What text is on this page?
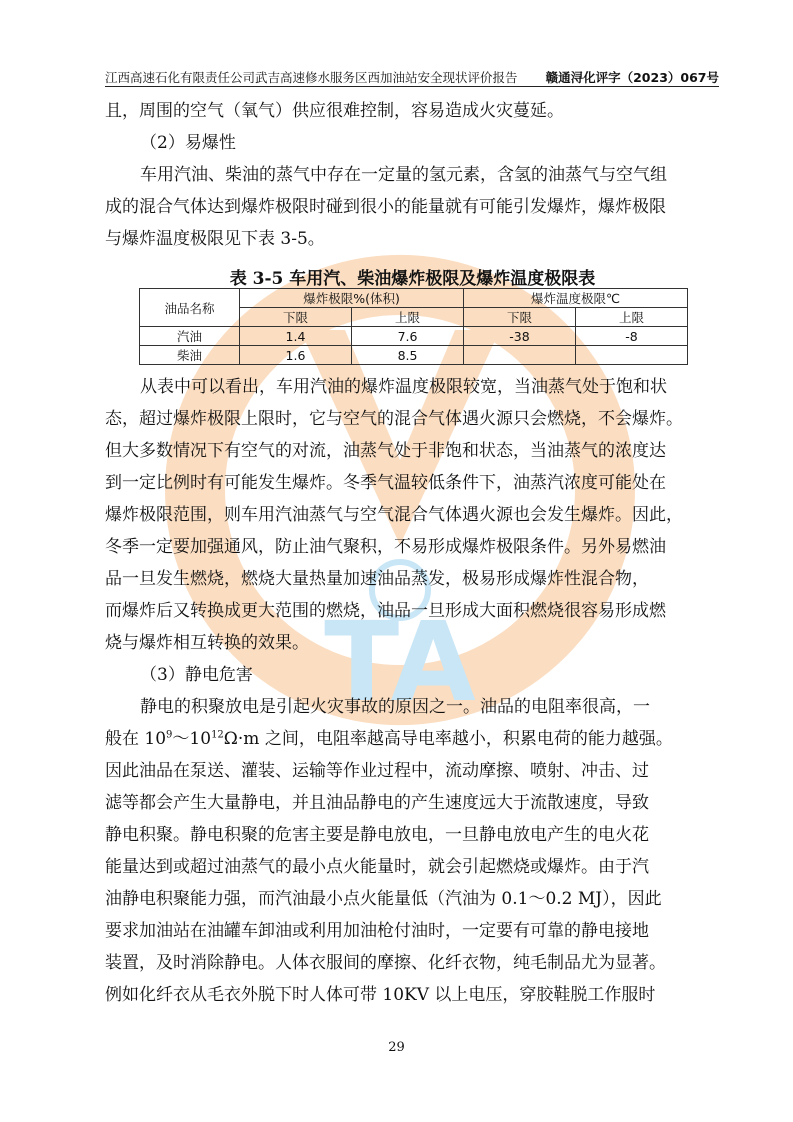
TA
江西高速石化有限责任公司武吉高速修水服务区西加油站安全现状评价报告 赣通浔化评字（2023）067号
且，周围的空气（氧气）供应很难控制，容易造成火灾蔓延。
（2）易爆性
车用汽油、柴油的蒸气中存在一定量的氢元素，含氢的油蒸气与空气组
成的混合气体达到爆炸极限时碰到很小的能量就有可能引发爆炸，爆炸极限
与爆炸温度极限见下表 3-5。
表 3-5 车用汽、柴油爆炸极限及爆炸温度极限表
油品名称	爆炸极限%(体积)		爆炸温度极限℃	
	下限	上限	下限	上限
汽油	1.4	7.6	-38	-8
柴油	1.6	8.5		
从表中可以看出，车用汽油的爆炸温度极限较宽，当油蒸气处于饱和状
态，超过爆炸极限上限时，它与空气的混合气体遇火源只会燃烧，不会爆炸。
但大多数情况下有空气的对流，油蒸气处于非饱和状态，当油蒸气的浓度达
到一定比例时有可能发生爆炸。冬季气温较低条件下，油蒸汽浓度可能处在
爆炸极限范围，则车用汽油蒸气与空气混合气体遇火源也会发生爆炸。因此，
冬季一定要加强通风，防止油气聚积，不易形成爆炸极限条件。另外易燃油
品一旦发生燃烧，燃烧大量热量加速油品蒸发，极易形成爆炸性混合物，
而爆炸后又转换成更大范围的燃烧，油品一旦形成大面积燃烧很容易形成燃
烧与爆炸相互转换的效果。
（3）静电危害
静电的积聚放电是引起火灾事故的原因之一。油品的电阻率很高，一
般在 $10^9\sim 10^{12}\Omega\cdot m$ 之间，电阻率越高导电率越小，积累电荷的能力越强。
因此油品在泵送、灌装、运输等作业过程中，流动摩擦、喷射、冲击、过
滤等都会产生大量静电，并且油品静电的产生速度远大于流散速度，导致
静电积聚。静电积聚的危害主要是静电放电，一旦静电放电产生的电火花
能量达到或超过油蒸气的最小点火能量时，就会引起燃烧或爆炸。由于汽
油静电积聚能力强，而汽油最小点火能量低（汽油为 0.1～0.2 MJ），因此
要求加油站在油罐车卸油或利用加油枪付油时，一定要有可靠的静电接地
装置，及时消除静电。人体衣服间的摩擦、化纤衣物，纯毛制品尤为显著。
例如化纤衣从毛衣外脱下时人体可带 10KV 以上电压，穿胶鞋脱工作服时
29
